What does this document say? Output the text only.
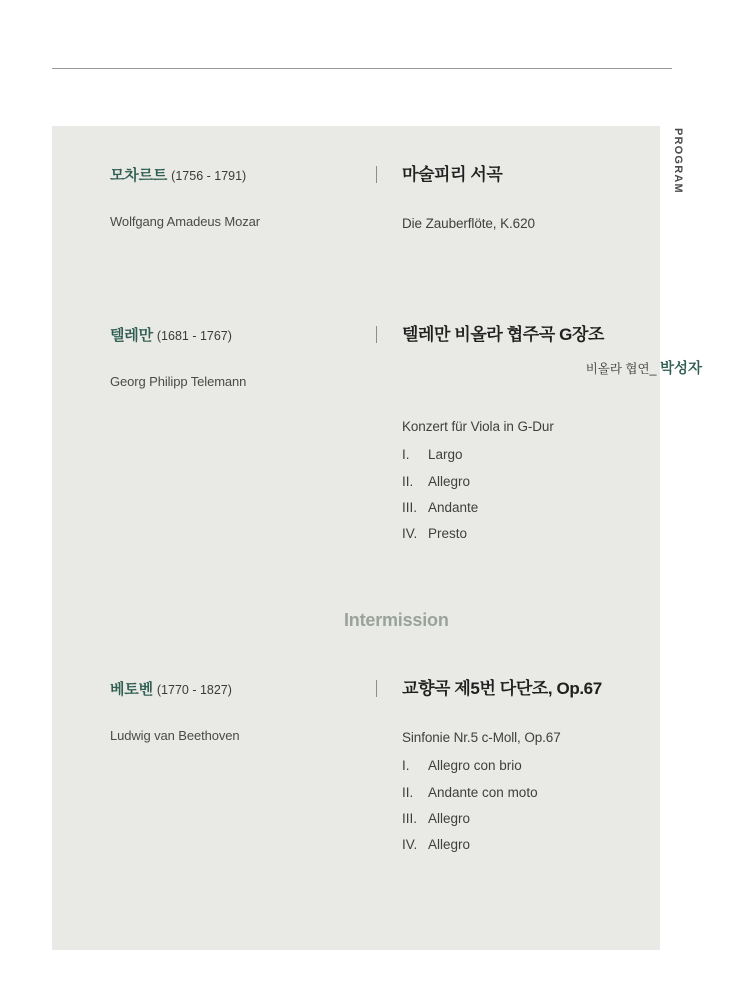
PROGRAM
모차르트 (1756 - 1791)
Wolfgang Amadeus Mozar
마술피리 서곡
Die Zauberflöte, K.620
텔레만 (1681 - 1767)
Georg Philipp Telemann
텔레만 비올라 협주곡 G장조
비올라 협연_ 박성자
Konzert für Viola in G-Dur
I.	Largo
II.	Allegro
III. Andante
IV. Presto
Intermission
베토벤 (1770 - 1827)
Ludwig van Beethoven
교향곡 제5번 다단조, Op.67
Sinfonie Nr.5 c-Moll, Op.67
I.	Allegro con brio
II.	Andante con moto
III. Allegro
IV. Allegro
